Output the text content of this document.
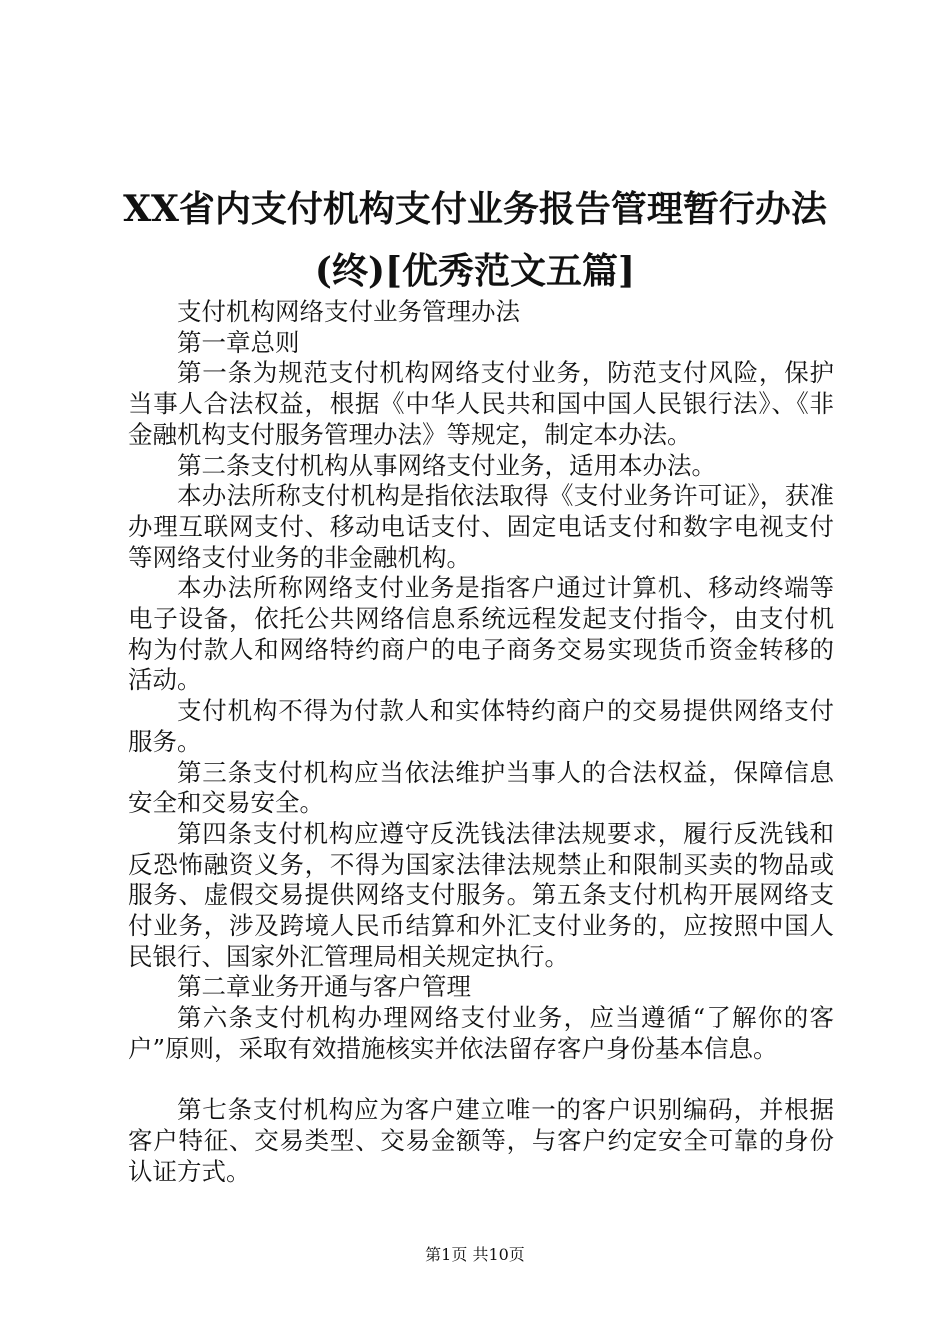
XX省内支付机构支付业务报告管理暂行办法
(终)[优秀范文五篇]

支付机构网络支付业务管理办法

第一章总则

第一条为规范支付机构网络支付业务，防范支付风险，保护当事人合法权益，根据《中华人民共和国中国人民银行法》、《非金融机构支付服务管理办法》等规定，制定本办法。

第二条支付机构从事网络支付业务，适用本办法。

本办法所称支付机构是指依法取得《支付业务许可证》，获准办理互联网支付、移动电话支付、固定电话支付和数字电视支付等网络支付业务的非金融机构。

本办法所称网络支付业务是指客户通过计算机、移动终端等电子设备，依托公共网络信息系统远程发起支付指令，由支付机构为付款人和网络特约商户的电子商务交易实现货币资金转移的活动。

支付机构不得为付款人和实体特约商户的交易提供网络支付服务。

第三条支付机构应当依法维护当事人的合法权益，保障信息安全和交易安全。

第四条支付机构应遵守反洗钱法律法规要求，履行反洗钱和反恐怖融资义务，不得为国家法律法规禁止和限制买卖的物品或服务、虚假交易提供网络支付服务。第五条支付机构开展网络支付业务，涉及跨境人民币结算和外汇支付业务的，应按照中国人民银行、国家外汇管理局相关规定执行。

第二章业务开通与客户管理

第六条支付机构办理网络支付业务，应当遵循“了解你的客户”原则，采取有效措施核实并依法留存客户身份基本信息。

第七条支付机构应为客户建立唯一的客户识别编码，并根据客户特征、交易类型、交易金额等，与客户约定安全可靠的身份认证方式。

第1页 共10页
